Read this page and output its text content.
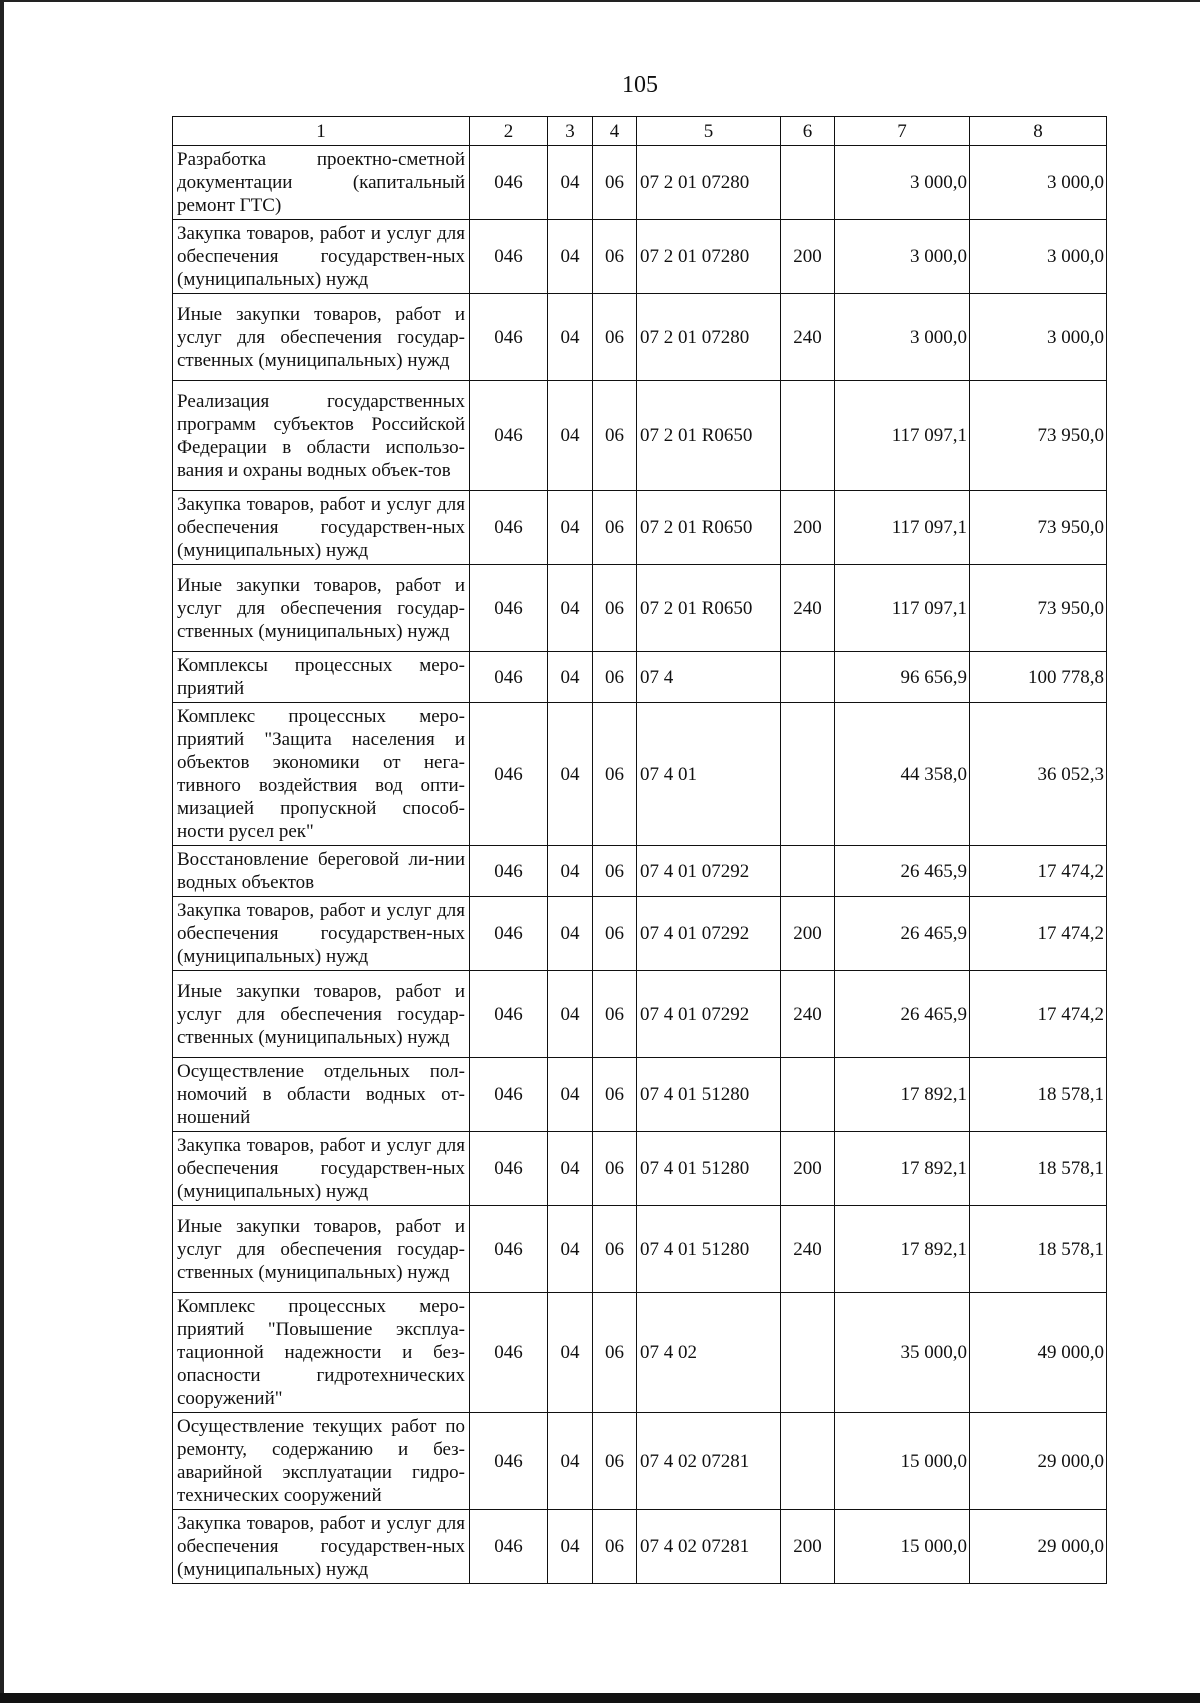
105
1	2	3	4	5	6	7	8
Разработка проектно-сметной документации (капитальный ремонт ГТС)	046	04	06	07 2 01 07280		3 000,0	3 000,0
Закупка товаров, работ и услуг для обеспечения государствен-ных (муниципальных) нужд	046	04	06	07 2 01 07280	200	3 000,0	3 000,0
Иные закупки товаров, работ и услуг для обеспечения государ-ственных (муниципальных) нужд	046	04	06	07 2 01 07280	240	3 000,0	3 000,0
Реализация государственных программ субъектов Российской Федерации в области использо-вания и охраны водных объек-тов	046	04	06	07 2 01 R0650		117 097,1	73 950,0
Закупка товаров, работ и услуг для обеспечения государствен-ных (муниципальных) нужд	046	04	06	07 2 01 R0650	200	117 097,1	73 950,0
Иные закупки товаров, работ и услуг для обеспечения государ-ственных (муниципальных) нужд	046	04	06	07 2 01 R0650	240	117 097,1	73 950,0
Комплексы процессных меро-приятий	046	04	06	07 4		96 656,9	100 778,8
Комплекс процессных меро-приятий "Защита населения и объектов экономики от нега-тивного воздействия вод опти-мизацией пропускной способ-ности русел рек"	046	04	06	07 4 01		44 358,0	36 052,3
Восстановление береговой ли-нии водных объектов	046	04	06	07 4 01 07292		26 465,9	17 474,2
Закупка товаров, работ и услуг для обеспечения государствен-ных (муниципальных) нужд	046	04	06	07 4 01 07292	200	26 465,9	17 474,2
Иные закупки товаров, работ и услуг для обеспечения государ-ственных (муниципальных) нужд	046	04	06	07 4 01 07292	240	26 465,9	17 474,2
Осуществление отдельных пол-номочий в области водных от-ношений	046	04	06	07 4 01 51280		17 892,1	18 578,1
Закупка товаров, работ и услуг для обеспечения государствен-ных (муниципальных) нужд	046	04	06	07 4 01 51280	200	17 892,1	18 578,1
Иные закупки товаров, работ и услуг для обеспечения государ-ственных (муниципальных) нужд	046	04	06	07 4 01 51280	240	17 892,1	18 578,1
Комплекс процессных меро-приятий "Повышение эксплуа-тационной надежности и без-опасности гидротехнических сооружений"	046	04	06	07 4 02		35 000,0	49 000,0
Осуществление текущих работ по ремонту, содержанию и без-аварийной эксплуатации гидро-технических сооружений	046	04	06	07 4 02 07281		15 000,0	29 000,0
Закупка товаров, работ и услуг для обеспечения государствен-ных (муниципальных) нужд	046	04	06	07 4 02 07281	200	15 000,0	29 000,0
